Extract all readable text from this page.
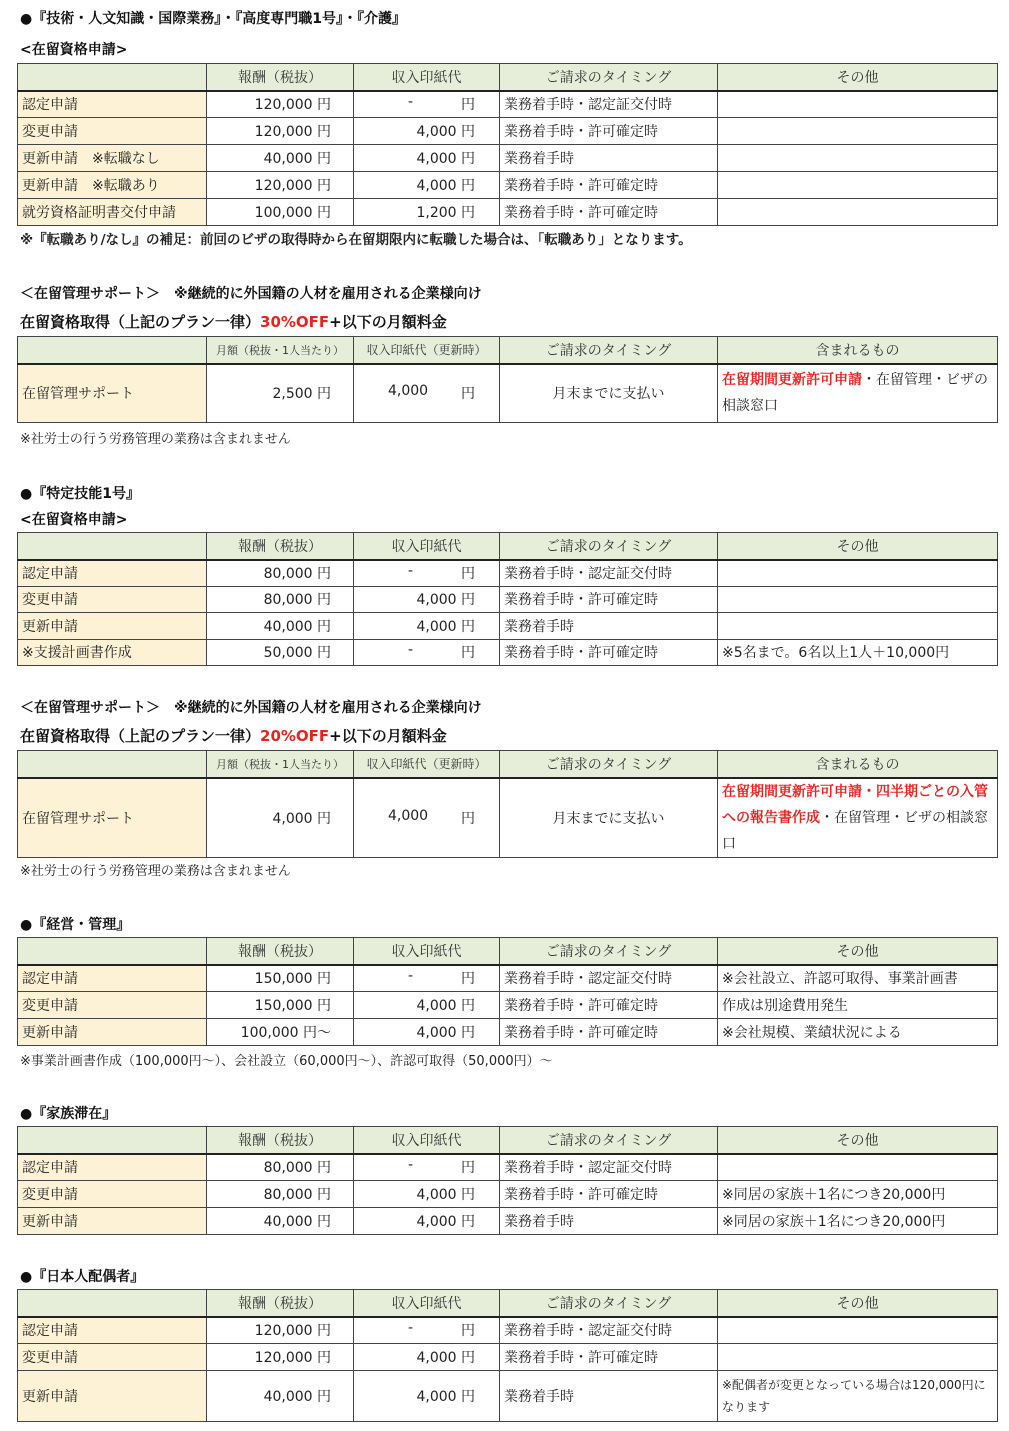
●『技術・人文知識・国際業務』・『高度専門職1号』・『介護』
<在留資格申請>
	報酬（税抜）	収入印紙代	ご請求のタイミング	その他
認定申請	120,000 円	- 円	業務着手時・認定証交付時	
変更申請	120,000 円	4,000 円	業務着手時・許可確定時	
更新申請　※転職なし	40,000 円	4,000 円	業務着手時	
更新申請　※転職あり	120,000 円	4,000 円	業務着手時・許可確定時	
就労資格証明書交付申請	100,000 円	1,200 円	業務着手時・許可確定時	
※『転職あり/なし』の補足：前回のビザの取得時から在留期限内に転職した場合は、「転職あり」となります。
＜在留管理サポート＞　※継続的に外国籍の人材を雇用される企業様向け
在留資格取得（上記のプラン一律）30%OFF+以下の月額料金
	月額（税抜・1人当たり）	収入印紙代（更新時）	ご請求のタイミング	含まれるもの
在留管理サポート	2,500 円	4,000 円	月末までに支払い	在留期間更新許可申請・在留管理・ビザの相談窓口
※社労士の行う労務管理の業務は含まれません
●『特定技能1号』
<在留資格申請>
	報酬（税抜）	収入印紙代	ご請求のタイミング	その他
認定申請	80,000 円	- 円	業務着手時・認定証交付時	
変更申請	80,000 円	4,000 円	業務着手時・許可確定時	
更新申請	40,000 円	4,000 円	業務着手時	
※支援計画書作成	50,000 円	- 円	業務着手時・許可確定時	※5名まで。6名以上1人＋10,000円
＜在留管理サポート＞　※継続的に外国籍の人材を雇用される企業様向け
在留資格取得（上記のプラン一律）20%OFF+以下の月額料金
	月額（税抜・1人当たり）	収入印紙代（更新時）	ご請求のタイミング	含まれるもの
在留管理サポート	4,000 円	4,000 円	月末までに支払い	在留期間更新許可申請・四半期ごとの入管への報告書作成・在留管理・ビザの相談窓口
※社労士の行う労務管理の業務は含まれません
●『経営・管理』
	報酬（税抜）	収入印紙代	ご請求のタイミング	その他
認定申請	150,000 円	- 円	業務着手時・認定証交付時	※会社設立、許認可取得、事業計画書
変更申請	150,000 円	4,000 円	業務着手時・許可確定時	作成は別途費用発生
更新申請	100,000 円～	4,000 円	業務着手時・許可確定時	※会社規模、業績状況による
※事業計画書作成（100,000円～）、会社設立（60,000円～）、許認可取得（50,000円）～
●『家族滞在』
	報酬（税抜）	収入印紙代	ご請求のタイミング	その他
認定申請	80,000 円	- 円	業務着手時・認定証交付時	
変更申請	80,000 円	4,000 円	業務着手時・許可確定時	※同居の家族＋1名につき20,000円
更新申請	40,000 円	4,000 円	業務着手時	※同居の家族＋1名につき20,000円
●『日本人配偶者』
	報酬（税抜）	収入印紙代	ご請求のタイミング	その他
認定申請	120,000 円	- 円	業務着手時・認定証交付時	
変更申請	120,000 円	4,000 円	業務着手時・許可確定時	
更新申請	40,000 円	4,000 円	業務着手時	※配偶者が変更となっている場合は120,000円になります
